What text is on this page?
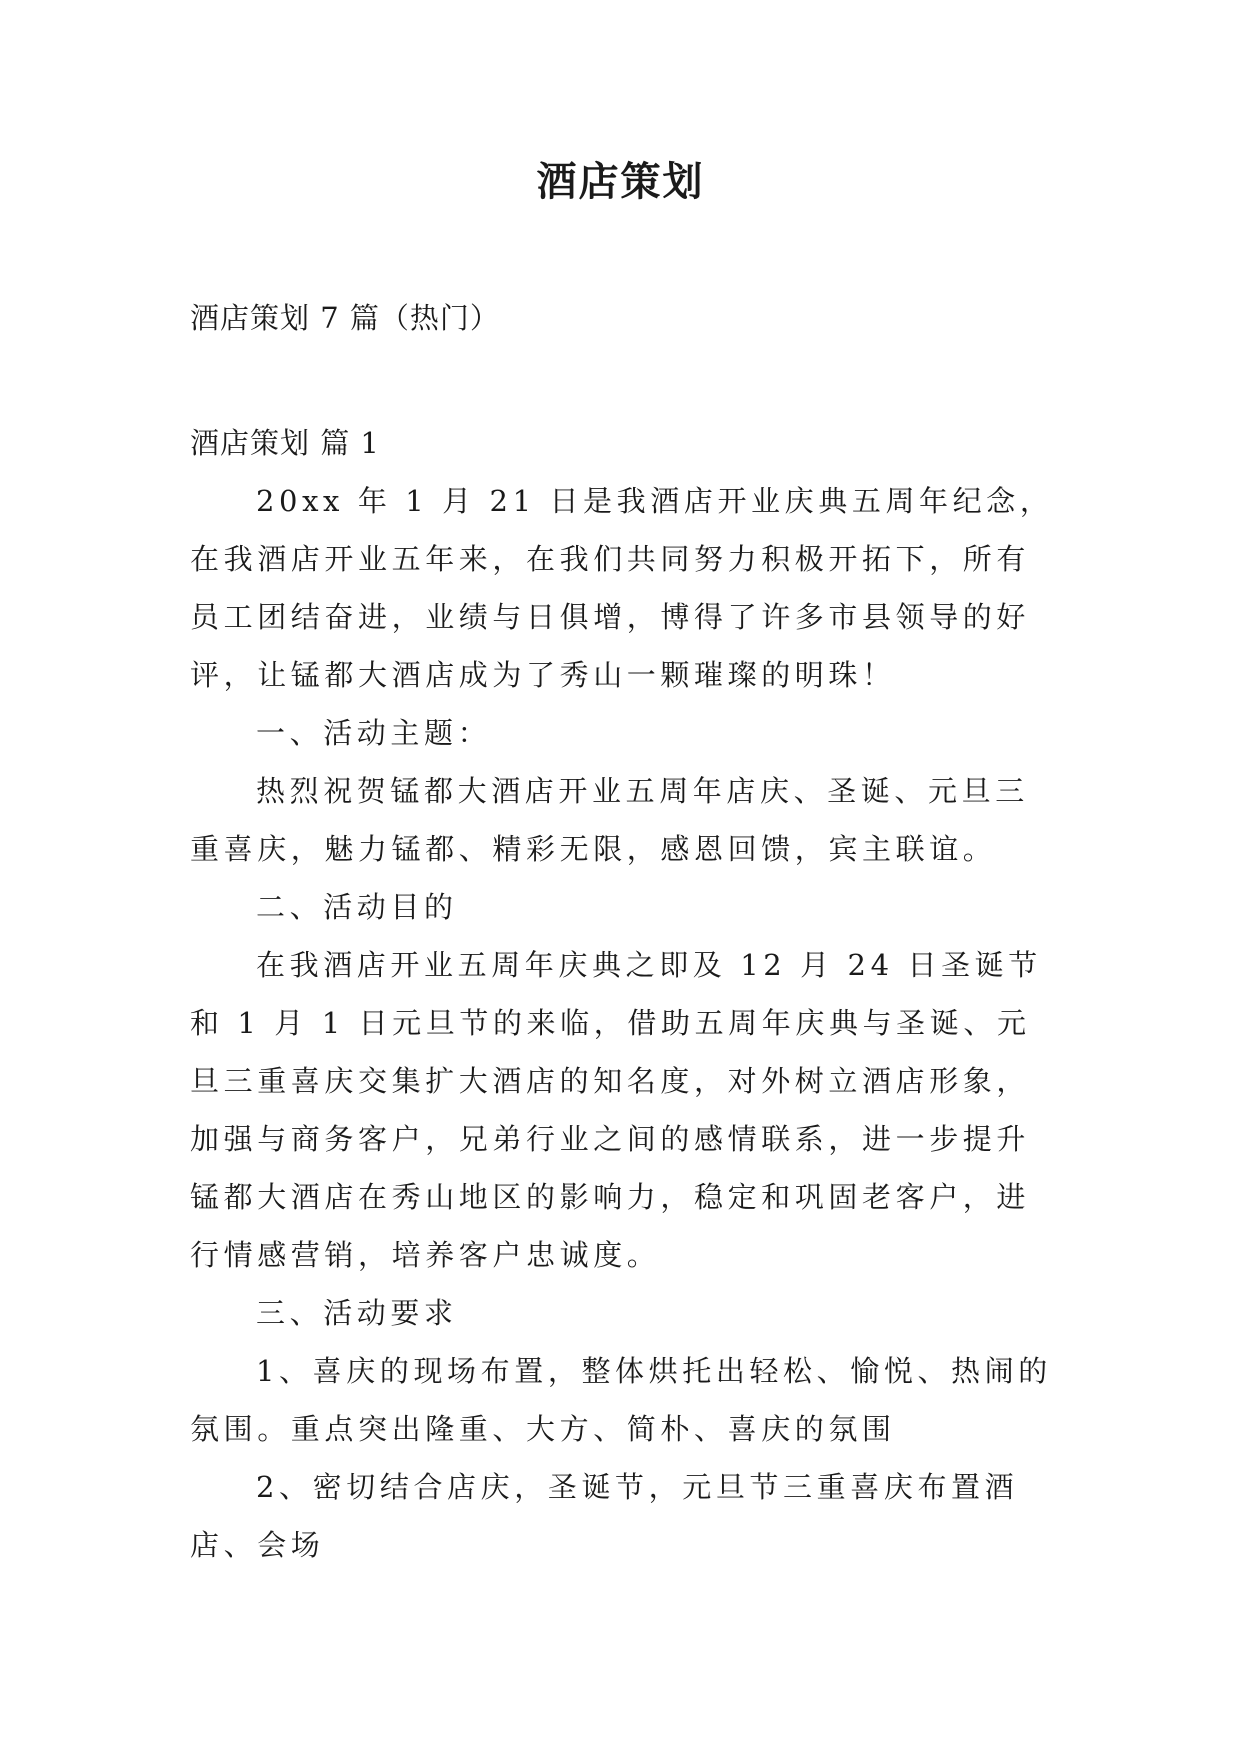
酒店策划

酒店策划 7 篇（热门）

酒店策划 篇 1

20xx 年 1 月 21 日是我酒店开业庆典五周年纪念，在我酒店开业五年来，在我们共同努力积极开拓下，所有员工团结奋进，业绩与日俱增，博得了许多市县领导的好评，让锰都大酒店成为了秀山一颗璀璨的明珠！

一、活动主题：

热烈祝贺锰都大酒店开业五周年店庆、圣诞、元旦三重喜庆，魅力锰都、精彩无限，感恩回馈，宾主联谊。

二、活动目的

在我酒店开业五周年庆典之即及 12 月 24 日圣诞节和 1 月 1 日元旦节的来临，借助五周年庆典与圣诞、元旦三重喜庆交集扩大酒店的知名度，对外树立酒店形象，加强与商务客户，兄弟行业之间的感情联系，进一步提升锰都大酒店在秀山地区的影响力，稳定和巩固老客户，进行情感营销，培养客户忠诚度。

三、活动要求

1、喜庆的现场布置，整体烘托出轻松、愉悦、热闹的氛围。重点突出隆重、大方、简朴、喜庆的氛围

2、密切结合店庆，圣诞节，元旦节三重喜庆布置酒店、会场
